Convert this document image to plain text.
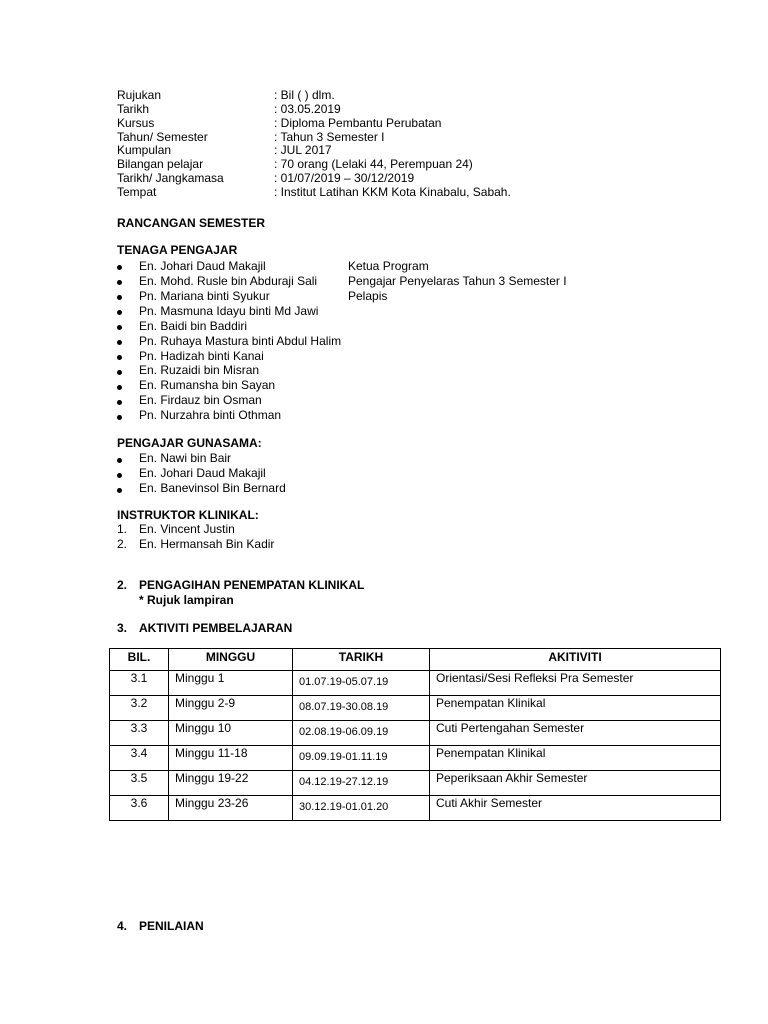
Rujukan	: Bil ( ) dlm.
Tarikh	: 03.05.2019
Kursus	: Diploma Pembantu Perubatan
Tahun/ Semester	: Tahun 3 Semester I
Kumpulan	: JUL 2017
Bilangan pelajar	: 70 orang (Lelaki 44, Perempuan 24)
Tarikh/ Jangkamasa	: 01/07/2019 – 30/12/2019
Tempat	: Institut Latihan KKM Kota Kinabalu, Sabah.
RANCANGAN SEMESTER
TENAGA PENGAJAR
En. Johari Daud Makajil	Ketua Program
En. Mohd. Rusle bin Abduraji Sali	Pengajar Penyelaras Tahun 3 Semester I
Pn. Mariana binti Syukur	Pelapis
Pn. Masmuna Idayu binti Md Jawi
En. Baidi bin Baddiri
Pn. Ruhaya Mastura binti Abdul Halim
Pn. Hadizah binti Kanai
En. Ruzaidi bin Misran
En. Rumansha bin Sayan
En. Firdauz bin Osman
Pn. Nurzahra binti Othman
PENGAJAR GUNASAMA:
En. Nawi bin Bair
En. Johari Daud Makajil
En. Banevinsol Bin Bernard
INSTRUKTOR KLINIKAL:
1. En. Vincent Justin
2. En. Hermansah Bin Kadir
2. PENGAGIHAN PENEMPATAN KLINIKAL
* Rujuk lampiran
3. AKTIVITI PEMBELAJARAN
BIL.	MINGGU	TARIKH	AKITIVITI
3.1	Minggu 1	01.07.19-05.07.19	Orientasi/Sesi Refleksi Pra Semester
3.2	Minggu 2-9	08.07.19-30.08.19	Penempatan Klinikal
3.3	Minggu 10	02.08.19-06.09.19	Cuti Pertengahan Semester
3.4	Minggu 11-18	09.09.19-01.11.19	Penempatan Klinikal
3.5	Minggu 19-22	04.12.19-27.12.19	Peperiksaan Akhir Semester
3.6	Minggu 23-26	30.12.19-01.01.20	Cuti Akhir Semester
4. PENILAIAN
